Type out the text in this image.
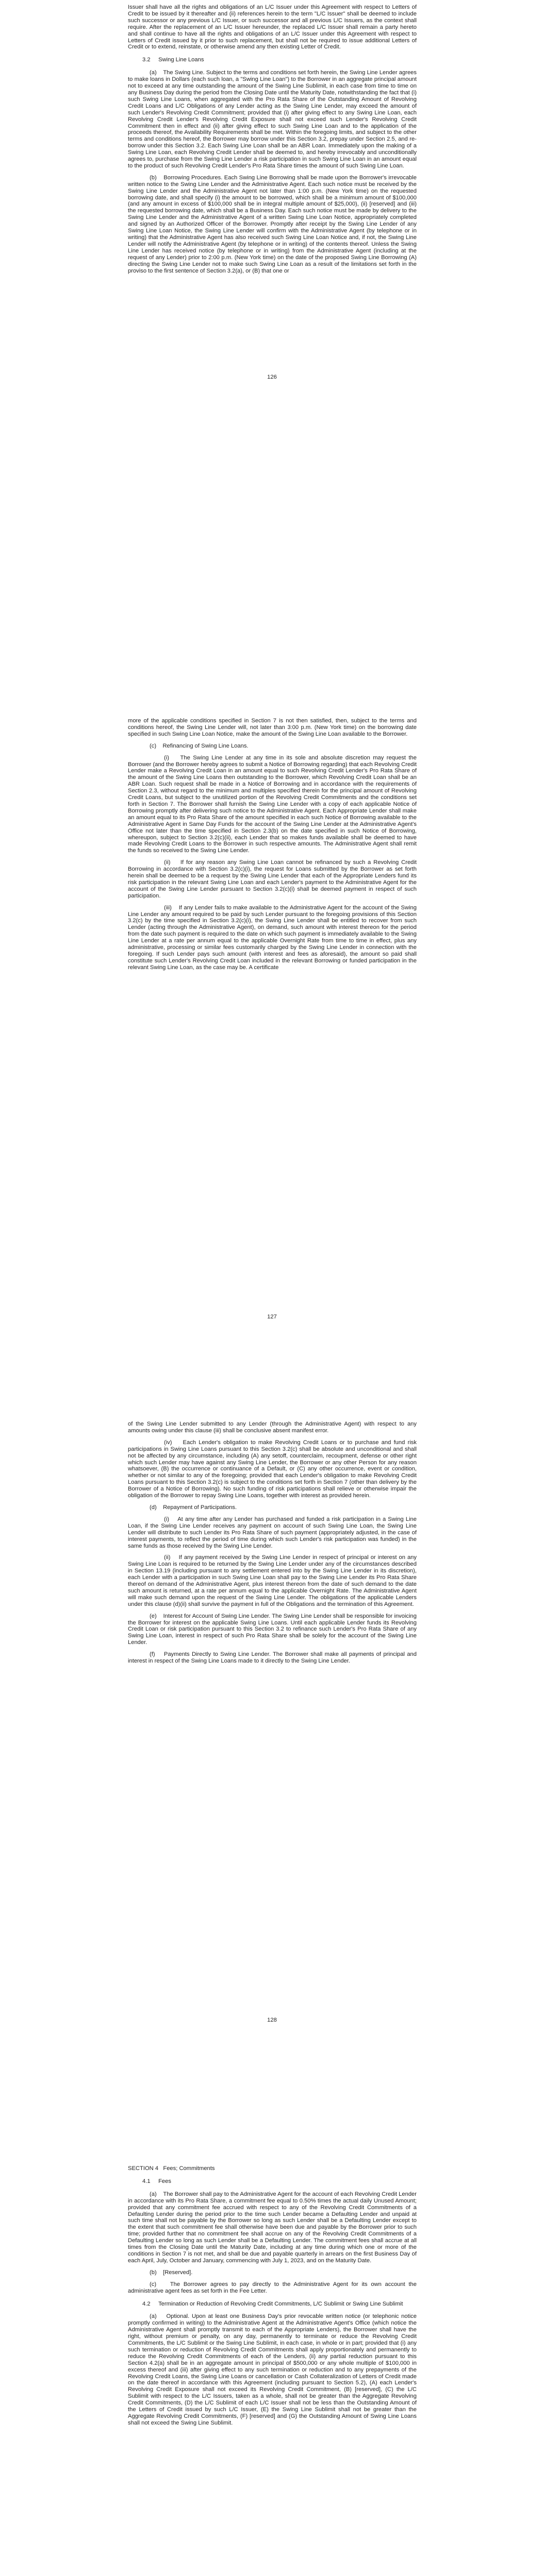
Issuer shall have all the rights and obligations of an L/C Issuer under this Agreement with respect to Letters of Credit to be issued by it thereafter and (ii) references herein to the term "L/C Issuer" shall be deemed to include such successor or any previous L/C Issuer, or such successor and all previous L/C Issuers, as the context shall require. After the replacement of an L/C Issuer hereunder, the replaced L/C Issuer shall remain a party hereto and shall continue to have all the rights and obligations of an L/C Issuer under this Agreement with respect to Letters of Credit issued by it prior to such replacement, but shall not be required to issue additional Letters of Credit or to extend, reinstate, or otherwise amend any then existing Letter of Credit.

3.2     Swing Line Loans

(a)    The Swing Line. Subject to the terms and conditions set forth herein, the Swing Line Lender agrees to make loans in Dollars (each such loan, a "Swing Line Loan") to the Borrower in an aggregate principal amount not to exceed at any time outstanding the amount of the Swing Line Sublimit, in each case from time to time on any Business Day during the period from the Closing Date until the Maturity Date, notwithstanding the fact that (i) such Swing Line Loans, when aggregated with the Pro Rata Share of the Outstanding Amount of Revolving Credit Loans and L/C Obligations of any Lender acting as the Swing Line Lender, may exceed the amount of such Lender's Revolving Credit Commitment; provided that (i) after giving effect to any Swing Line Loan, each Revolving Credit Lender's Revolving Credit Exposure shall not exceed such Lender's Revolving Credit Commitment then in effect and (ii) after giving effect to such Swing Line Loan and to the application of the proceeds thereof, the Availability Requirements shall be met. Within the foregoing limits, and subject to the other terms and conditions hereof, the Borrower may borrow under this Section 3.2, prepay under Section 2.5, and re-borrow under this Section 3.2. Each Swing Line Loan shall be an ABR Loan. Immediately upon the making of a Swing Line Loan, each Revolving Credit Lender shall be deemed to, and hereby irrevocably and unconditionally agrees to, purchase from the Swing Line Lender a risk participation in such Swing Line Loan in an amount equal to the product of such Revolving Credit Lender's Pro Rata Share times the amount of such Swing Line Loan.

(b)    Borrowing Procedures. Each Swing Line Borrowing shall be made upon the Borrower's irrevocable written notice to the Swing Line Lender and the Administrative Agent. Each such notice must be received by the Swing Line Lender and the Administrative Agent not later than 1:00 p.m. (New York time) on the requested borrowing date, and shall specify (i) the amount to be borrowed, which shall be a minimum amount of $100,000 (and any amount in excess of $100,000 shall be in integral multiple amount of $25,000), (ii) [reserved] and (iii) the requested borrowing date, which shall be a Business Day. Each such notice must be made by delivery to the Swing Line Lender and the Administrative Agent of a written Swing Line Loan Notice, appropriately completed and signed by an Authorized Officer of the Borrower. Promptly after receipt by the Swing Line Lender of any Swing Line Loan Notice, the Swing Line Lender will confirm with the Administrative Agent (by telephone or in writing) that the Administrative Agent has also received such Swing Line Loan Notice and, if not, the Swing Line Lender will notify the Administrative Agent (by telephone or in writing) of the contents thereof. Unless the Swing Line Lender has received notice (by telephone or in writing) from the Administrative Agent (including at the request of any Lender) prior to 2:00 p.m. (New York time) on the date of the proposed Swing Line Borrowing (A) directing the Swing Line Lender not to make such Swing Line Loan as a result of the limitations set forth in the proviso to the first sentence of Section 3.2(a), or (B) that one or

126

more of the applicable conditions specified in Section 7 is not then satisfied, then, subject to the terms and conditions hereof, the Swing Line Lender will, not later than 3:00 p.m. (New York time) on the borrowing date specified in such Swing Line Loan Notice, make the amount of the Swing Line Loan available to the Borrower.

(c)    Refinancing of Swing Line Loans.

(i)    The Swing Line Lender at any time in its sole and absolute discretion may request the Borrower (and the Borrower hereby agrees to submit a Notice of Borrowing regarding) that each Revolving Credit Lender make a Revolving Credit Loan in an amount equal to such Revolving Credit Lender's Pro Rata Share of the amount of the Swing Line Loans then outstanding to the Borrower, which Revolving Credit Loan shall be an ABR Loan. Such request shall be made in a Notice of Borrowing and in accordance with the requirements of Section 2.3, without regard to the minimum and multiples specified therein for the principal amount of Revolving Credit Loans, but subject to the unutilized portion of the Revolving Credit Commitments and the conditions set forth in Section 7. The Borrower shall furnish the Swing Line Lender with a copy of each applicable Notice of Borrowing promptly after delivering such notice to the Administrative Agent. Each Appropriate Lender shall make an amount equal to its Pro Rata Share of the amount specified in each such Notice of Borrowing available to the Administrative Agent in Same Day Funds for the account of the Swing Line Lender at the Administrative Agent's Office not later than the time specified in Section 2.3(b) on the date specified in such Notice of Borrowing, whereupon, subject to Section 3.2(c)(ii), each Lender that so makes funds available shall be deemed to have made Revolving Credit Loans to the Borrower in such respective amounts. The Administrative Agent shall remit the funds so received to the Swing Line Lender.

(ii)    If for any reason any Swing Line Loan cannot be refinanced by such a Revolving Credit Borrowing in accordance with Section 3.2(c)(i), the request for Loans submitted by the Borrower as set forth herein shall be deemed to be a request by the Swing Line Lender that each of the Appropriate Lenders fund its risk participation in the relevant Swing Line Loan and each Lender's payment to the Administrative Agent for the account of the Swing Line Lender pursuant to Section 3.2(c)(i) shall be deemed payment in respect of such participation.

(iii)    If any Lender fails to make available to the Administrative Agent for the account of the Swing Line Lender any amount required to be paid by such Lender pursuant to the foregoing provisions of this Section 3.2(c) by the time specified in Section 3.2(c)(i), the Swing Line Lender shall be entitled to recover from such Lender (acting through the Administrative Agent), on demand, such amount with interest thereon for the period from the date such payment is required to the date on which such payment is immediately available to the Swing Line Lender at a rate per annum equal to the applicable Overnight Rate from time to time in effect, plus any administrative, processing or similar fees customarily charged by the Swing Line Lender in connection with the foregoing. If such Lender pays such amount (with interest and fees as aforesaid), the amount so paid shall constitute such Lender's Revolving Credit Loan included in the relevant Borrowing or funded participation in the relevant Swing Line Loan, as the case may be. A certificate

127

of the Swing Line Lender submitted to any Lender (through the Administrative Agent) with respect to any amounts owing under this clause (iii) shall be conclusive absent manifest error.

(iv)    Each Lender's obligation to make Revolving Credit Loans or to purchase and fund risk participations in Swing Line Loans pursuant to this Section 3.2(c) shall be absolute and unconditional and shall not be affected by any circumstance, including (A) any setoff, counterclaim, recoupment, defense or other right which such Lender may have against any Swing Line Lender, the Borrower or any other Person for any reason whatsoever, (B) the occurrence or continuance of a Default, or (C) any other occurrence, event or condition, whether or not similar to any of the foregoing; provided that each Lender's obligation to make Revolving Credit Loans pursuant to this Section 3.2(c) is subject to the conditions set forth in Section 7 (other than delivery by the Borrower of a Notice of Borrowing). No such funding of risk participations shall relieve or otherwise impair the obligation of the Borrower to repay Swing Line Loans, together with interest as provided herein.

(d)    Repayment of Participations.

(i)    At any time after any Lender has purchased and funded a risk participation in a Swing Line Loan, if the Swing Line Lender receives any payment on account of such Swing Line Loan, the Swing Line Lender will distribute to such Lender its Pro Rata Share of such payment (appropriately adjusted, in the case of interest payments, to reflect the period of time during which such Lender's risk participation was funded) in the same funds as those received by the Swing Line Lender.

(ii)    If any payment received by the Swing Line Lender in respect of principal or interest on any Swing Line Loan is required to be returned by the Swing Line Lender under any of the circumstances described in Section 13.19 (including pursuant to any settlement entered into by the Swing Line Lender in its discretion), each Lender with a participation in such Swing Line Loan shall pay to the Swing Line Lender its Pro Rata Share thereof on demand of the Administrative Agent, plus interest thereon from the date of such demand to the date such amount is returned, at a rate per annum equal to the applicable Overnight Rate. The Administrative Agent will make such demand upon the request of the Swing Line Lender. The obligations of the applicable Lenders under this clause (d)(ii) shall survive the payment in full of the Obligations and the termination of this Agreement.

(e)    Interest for Account of Swing Line Lender. The Swing Line Lender shall be responsible for invoicing the Borrower for interest on the applicable Swing Line Loans. Until each applicable Lender funds its Revolving Credit Loan or risk participation pursuant to this Section 3.2 to refinance such Lender's Pro Rata Share of any Swing Line Loan, interest in respect of such Pro Rata Share shall be solely for the account of the Swing Line Lender.

(f)    Payments Directly to Swing Line Lender. The Borrower shall make all payments of principal and interest in respect of the Swing Line Loans made to it directly to the Swing Line Lender.

128

SECTION 4   Fees; Commitments

4.1     Fees

(a)    The Borrower shall pay to the Administrative Agent for the account of each Revolving Credit Lender in accordance with its Pro Rata Share, a commitment fee equal to 0.50% times the actual daily Unused Amount; provided that any commitment fee accrued with respect to any of the Revolving Credit Commitments of a Defaulting Lender during the period prior to the time such Lender became a Defaulting Lender and unpaid at such time shall not be payable by the Borrower so long as such Lender shall be a Defaulting Lender except to the extent that such commitment fee shall otherwise have been due and payable by the Borrower prior to such time; provided further that no commitment fee shall accrue on any of the Revolving Credit Commitments of a Defaulting Lender so long as such Lender shall be a Defaulting Lender. The commitment fees shall accrue at all times from the Closing Date until the Maturity Date, including at any time during which one or more of the conditions in Section 7 is not met, and shall be due and payable quarterly in arrears on the first Business Day of each April, July, October and January, commencing with July 1, 2023, and on the Maturity Date.

(b)    [Reserved].

(c)    The Borrower agrees to pay directly to the Administrative Agent for its own account the administrative agent fees as set forth in the Fee Letter.

4.2     Termination or Reduction of Revolving Credit Commitments, L/C Sublimit or Swing Line Sublimit

(a)    Optional. Upon at least one Business Day's prior revocable written notice (or telephonic notice promptly confirmed in writing) to the Administrative Agent at the Administrative Agent's Office (which notice the Administrative Agent shall promptly transmit to each of the Appropriate Lenders), the Borrower shall have the right, without premium or penalty, on any day, permanently to terminate or reduce the Revolving Credit Commitments, the L/C Sublimit or the Swing Line Sublimit, in each case, in whole or in part; provided that (i) any such termination or reduction of Revolving Credit Commitments shall apply proportionately and permanently to reduce the Revolving Credit Commitments of each of the Lenders, (ii) any partial reduction pursuant to this Section 4.2(a) shall be in an aggregate amount in principal of $500,000 or any whole multiple of $100,000 in excess thereof and (iii) after giving effect to any such termination or reduction and to any prepayments of the Revolving Credit Loans, the Swing Line Loans or cancellation or Cash Collateralization of Letters of Credit made on the date thereof in accordance with this Agreement (including pursuant to Section 5.2), (A) each Lender's Revolving Credit Exposure shall not exceed its Revolving Credit Commitment, (B) [reserved], (C) the L/C Sublimit with respect to the L/C Issuers, taken as a whole, shall not be greater than the Aggregate Revolving Credit Commitments, (D) the L/C Sublimit of each L/C Issuer shall not be less than the Outstanding Amount of the Letters of Credit issued by such L/C Issuer, (E) the Swing Line Sublimit shall not be greater than the Aggregate Revolving Credit Commitments, (F) [reserved] and (G) the Outstanding Amount of Swing Line Loans shall not exceed the Swing Line Sublimit.
